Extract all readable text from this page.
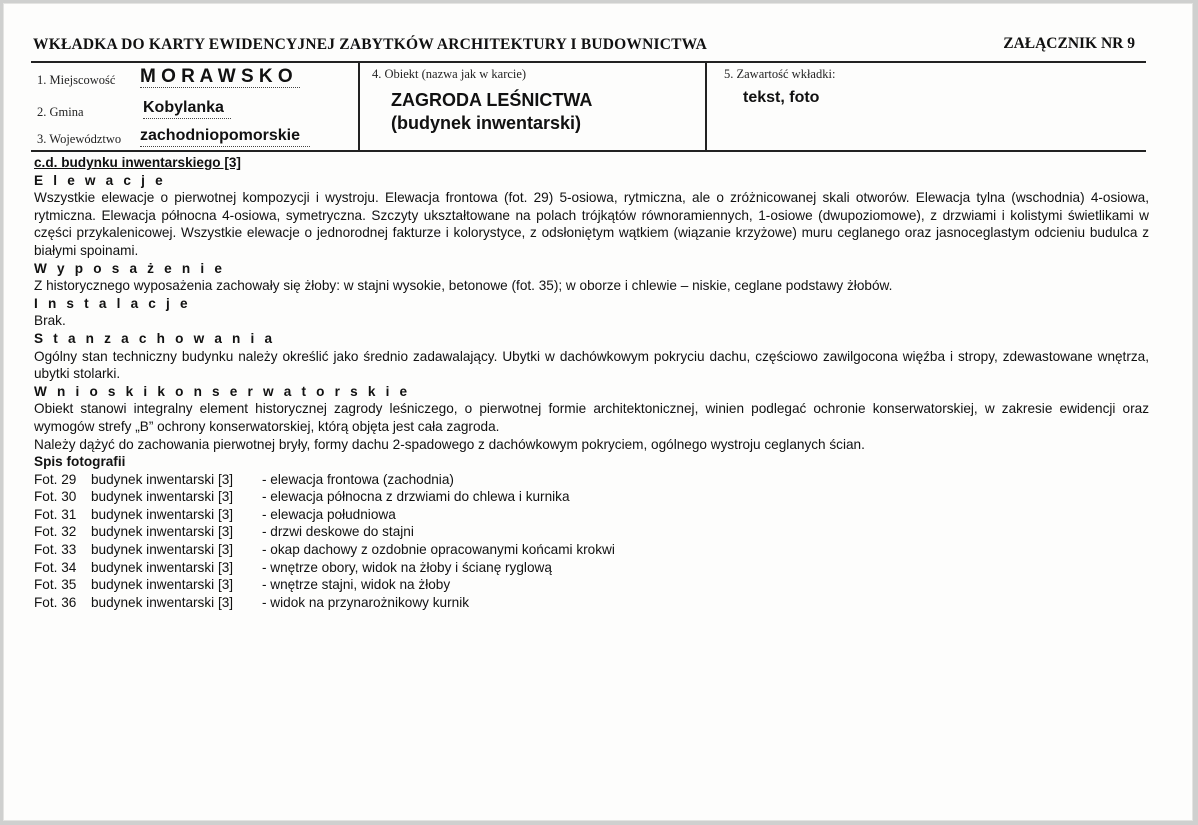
WKŁADKA DO KARTY EWIDENCYJNEJ ZABYTKÓW ARCHITEKTURY I BUDOWNICTWA	ZAŁĄCZNIK NR 9
1. Miejscowość M O R A W S K O
2. Gmina	Kobylanka
3. Województwo zachodniopomorskie
4. Obiekt (nazwa jak w karcie)
ZAGRODA LEŚNICTWA
(budynek inwentarski)
5. Zawartość wkładki:
tekst, foto
c.d. budynku inwentarskiego [3]
E l e w a c j e

Wszystkie elewacje o pierwotnej kompozycji i wystroju. Elewacja frontowa (fot. 29) 5-osiowa, rytmiczna, ale o zróżnicowanej skali otworów. Elewacja tylna (wschodnia) 4-osiowa, rytmiczna. Elewacja północna 4-osiowa, symetryczna. Szczyty ukształtowane na polach trójkątów równoramiennych, 1-osiowe (dwupoziomowe), z drzwiami i kolistymi świetlikami w części przykalenicowej. Wszystkie elewacje o jednorodnej fakturze i kolorystyce, z odsłoniętym wątkiem (wiązanie krzyżowe) muru ceglanego oraz jasnoceglastym odcieniu budulca z białymi spoinami.

W y p o s a ż e n i e

Z historycznego wyposażenia zachowały się żłoby: w stajni wysokie, betonowe (fot. 35); w oborze i chlewie – niskie, ceglane podstawy żłobów.

I n s t a l a c j e

Brak.

S t a n z a c h o w a n i a

Ogólny stan techniczny budynku należy określić jako średnio zadawalający. Ubytki w dachówkowym pokryciu dachu, częściowo zawilgocona więźba i stropy, zdewastowane wnętrza, ubytki stolarki.

W n i o s k i k o n s e r w a t o r s k i e

Obiekt stanowi integralny element historycznej zagrody leśniczego, o pierwotnej formie architektonicznej, winien podlegać ochronie konserwatorskiej, w zakresie ewidencji oraz wymogów strefy „B” ochrony konserwatorskiej, którą objęta jest cała zagroda.

Należy dążyć do zachowania pierwotnej bryły, formy dachu 2-spadowego z dachówkowym pokryciem, ogólnego wystroju ceglanych ścian.

Spis fotografii
Fot. 29	budynek inwentarski [3]	- elewacja frontowa (zachodnia)
Fot. 30	budynek inwentarski [3]	- elewacja północna z drzwiami do chlewa i kurnika
Fot. 31	budynek inwentarski [3]	- elewacja południowa
Fot. 32	budynek inwentarski [3]	- drzwi deskowe do stajni
Fot. 33	budynek inwentarski [3]	- okap dachowy z ozdobnie opracowanymi końcami krokwi
Fot. 34	budynek inwentarski [3]	- wnętrze obory, widok na żłoby i ścianę ryglową
Fot. 35	budynek inwentarski [3]	- wnętrze stajni, widok na żłoby
Fot. 36	budynek inwentarski [3]	- widok na przynarożnikowy kurnik
